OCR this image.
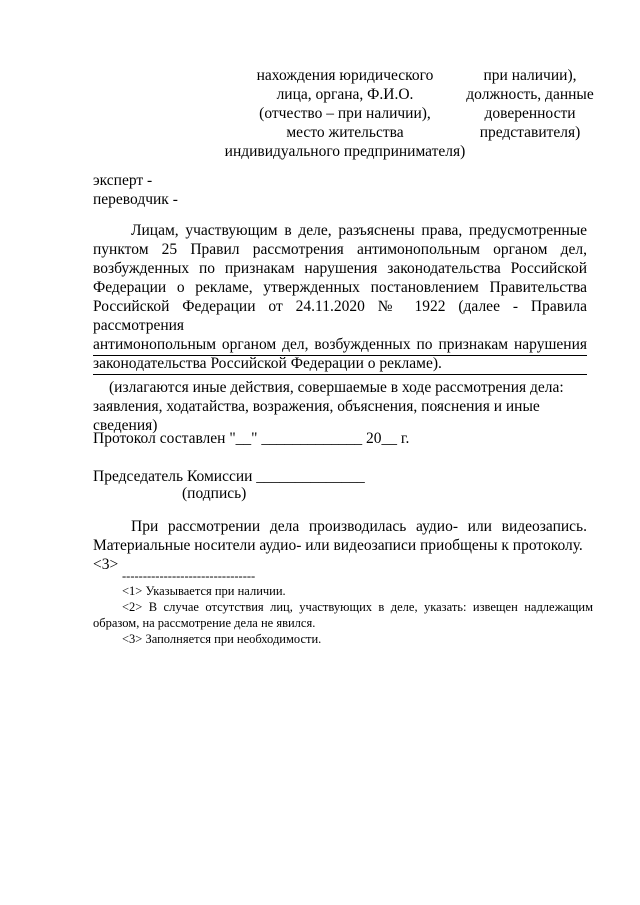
нахождения юридического
лица, органа, Ф.И.О.
(отчество – при наличии),
место жительства
индивидуального предпринимателя)
при наличии),
должность, данные
доверенности
представителя)
эксперт -
переводчик -
Лицам, участвующим в деле, разъяснены права, предусмотренные
пунктом 25 Правил рассмотрения антимонопольным органом дел,
возбужденных по признакам нарушения законодательства Российской
Федерации о рекламе, утвержденных постановлением Правительства
Российской Федерации от 24.11.2020 № 1922 (далее - Правила рассмотрения
антимонопольным органом дел, возбужденных по признакам нарушения
законодательства Российской Федерации о рекламе).
(излагаются иные действия, совершаемые в ходе рассмотрения дела:
заявления, ходатайства, возражения, объяснения, пояснения и иные сведения)
Протокол составлен "__" _____________ 20__ г.
Председатель Комиссии ______________
(подпись)
При рассмотрении дела производилась аудио- или видеозапись.
Материальные носители аудио- или видеозаписи приобщены к протоколу. <3>
--------------------------------
<1> Указывается при наличии.
<2> В случае отсутствия лиц, участвующих в деле, указать: извещен надлежащим
образом, на рассмотрение дела не явился.
<3> Заполняется при необходимости.
